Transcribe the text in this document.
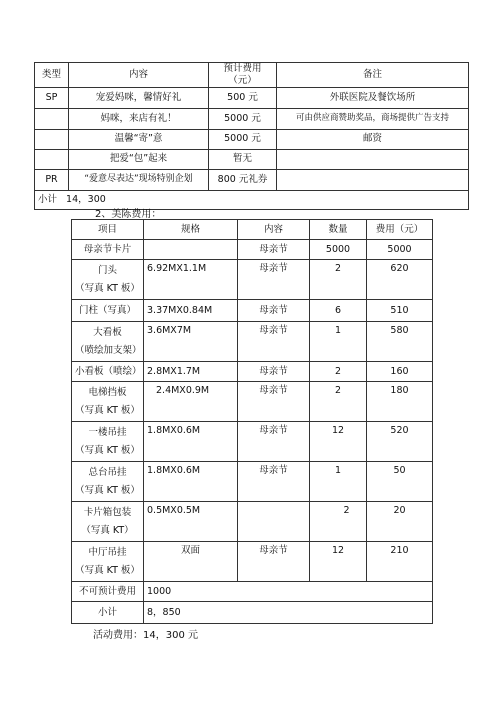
类型	内容	预计费用（元）	备注
SP	宠爱妈咪，馨情好礼	500 元	外联医院及餐饮场所
	妈咪，来店有礼！	5000 元	可由供应商赞助奖品，商场提供广告支持
	温馨“寄”意	5000 元	邮资
	把爱“包”起来	暂无	
PR	“爱意尽表达”现场特别企划	800 元礼券	
小计   14，300			
2、美陈费用：
项目	规格	内容	数量	费用（元）
母亲节卡片		母亲节	5000	5000

门头
（写真 KT 板）	6.92MX1.1M	母亲节	2	620
门柱（写真）	3.37MX0.84M	母亲节	6	510

大看板
（喷绘加支架）	3.6MX7M	母亲节	1	580
小看板（喷绘）	2.8MX1.7M	母亲节	2	160

电梯挡板
（写真 KT 板）	2.4MX0.9M	母亲节	2	180

一楼吊挂
（写真 KT 板）	1.8MX0.6M	母亲节	12	520

总台吊挂
（写真 KT 板）	1.8MX0.6M	母亲节	1	50

卡片箱包装
（写真 KT）	0.5MX0.5M		2	20

中厅吊挂
（写真 KT 板）	双面	母亲节	12	210
不可预计费用	1000			
小计	8，850			
活动费用：14，300 元
